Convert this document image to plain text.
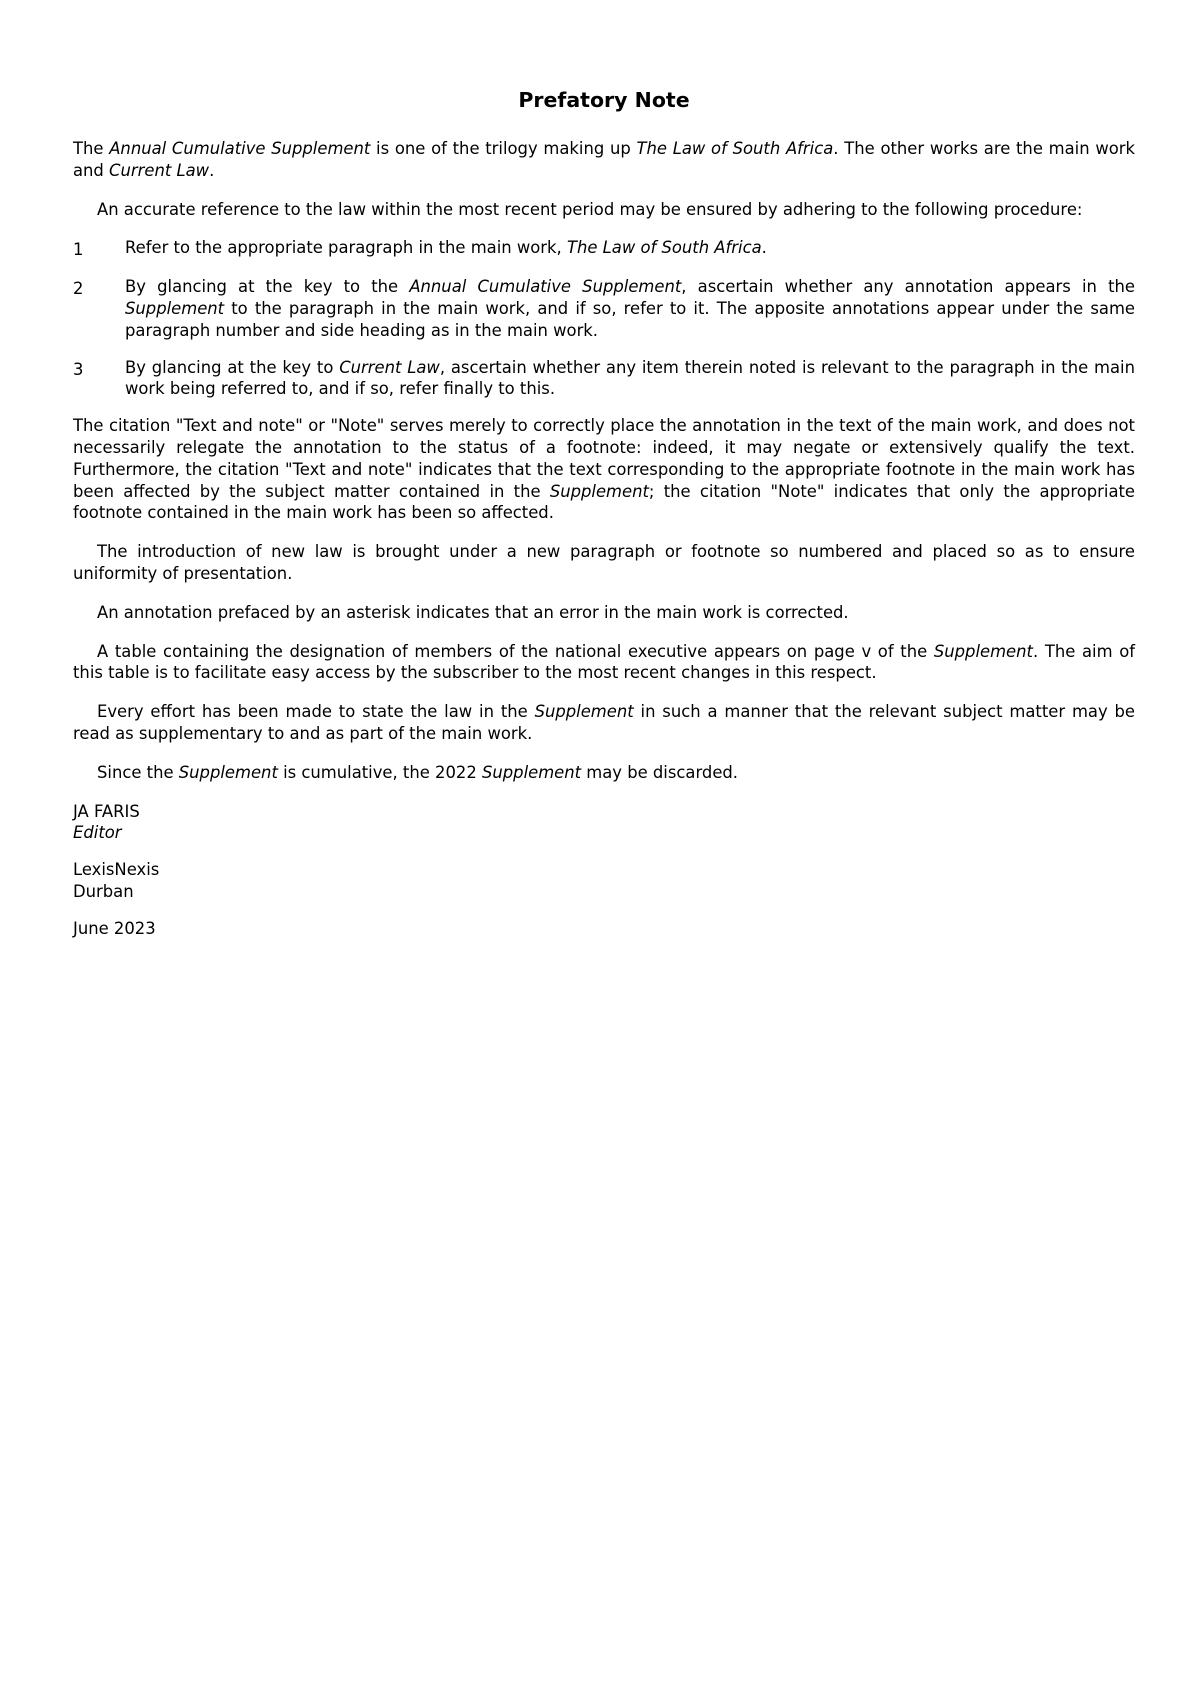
Prefatory Note

The Annual Cumulative Supplement is one of the trilogy making up The Law of South Africa. The other works are the main work and Current Law.

An accurate reference to the law within the most recent period may be ensured by adhering to the following procedure:

1	Refer to the appropriate paragraph in the main work, The Law of South Africa.
2	By glancing at the key to the Annual Cumulative Supplement, ascertain whether any annotation appears in the Supplement to the paragraph in the main work, and if so, refer to it. The apposite annotations appear under the same paragraph number and side heading as in the main work.
3	By glancing at the key to Current Law, ascertain whether any item therein noted is relevant to the paragraph in the main work being referred to, and if so, refer finally to this.

The citation "Text and note" or "Note" serves merely to correctly place the annotation in the text of the main work, and does not necessarily relegate the annotation to the status of a footnote: indeed, it may negate or extensively qualify the text. Furthermore, the citation "Text and note" indicates that the text corresponding to the appropriate footnote in the main work has been affected by the subject matter contained in the Supplement; the citation "Note" indicates that only the appropriate footnote contained in the main work has been so affected.

The introduction of new law is brought under a new paragraph or footnote so numbered and placed so as to ensure uniformity of presentation.

An annotation prefaced by an asterisk indicates that an error in the main work is corrected.

A table containing the designation of members of the national executive appears on page v of the Supplement. The aim of this table is to facilitate easy access by the subscriber to the most recent changes in this respect.

Every effort has been made to state the law in the Supplement in such a manner that the relevant subject matter may be read as supplementary to and as part of the main work.

Since the Supplement is cumulative, the 2022 Supplement may be discarded.

JA FARIS
Editor
LexisNexis
Durban
June 2023
